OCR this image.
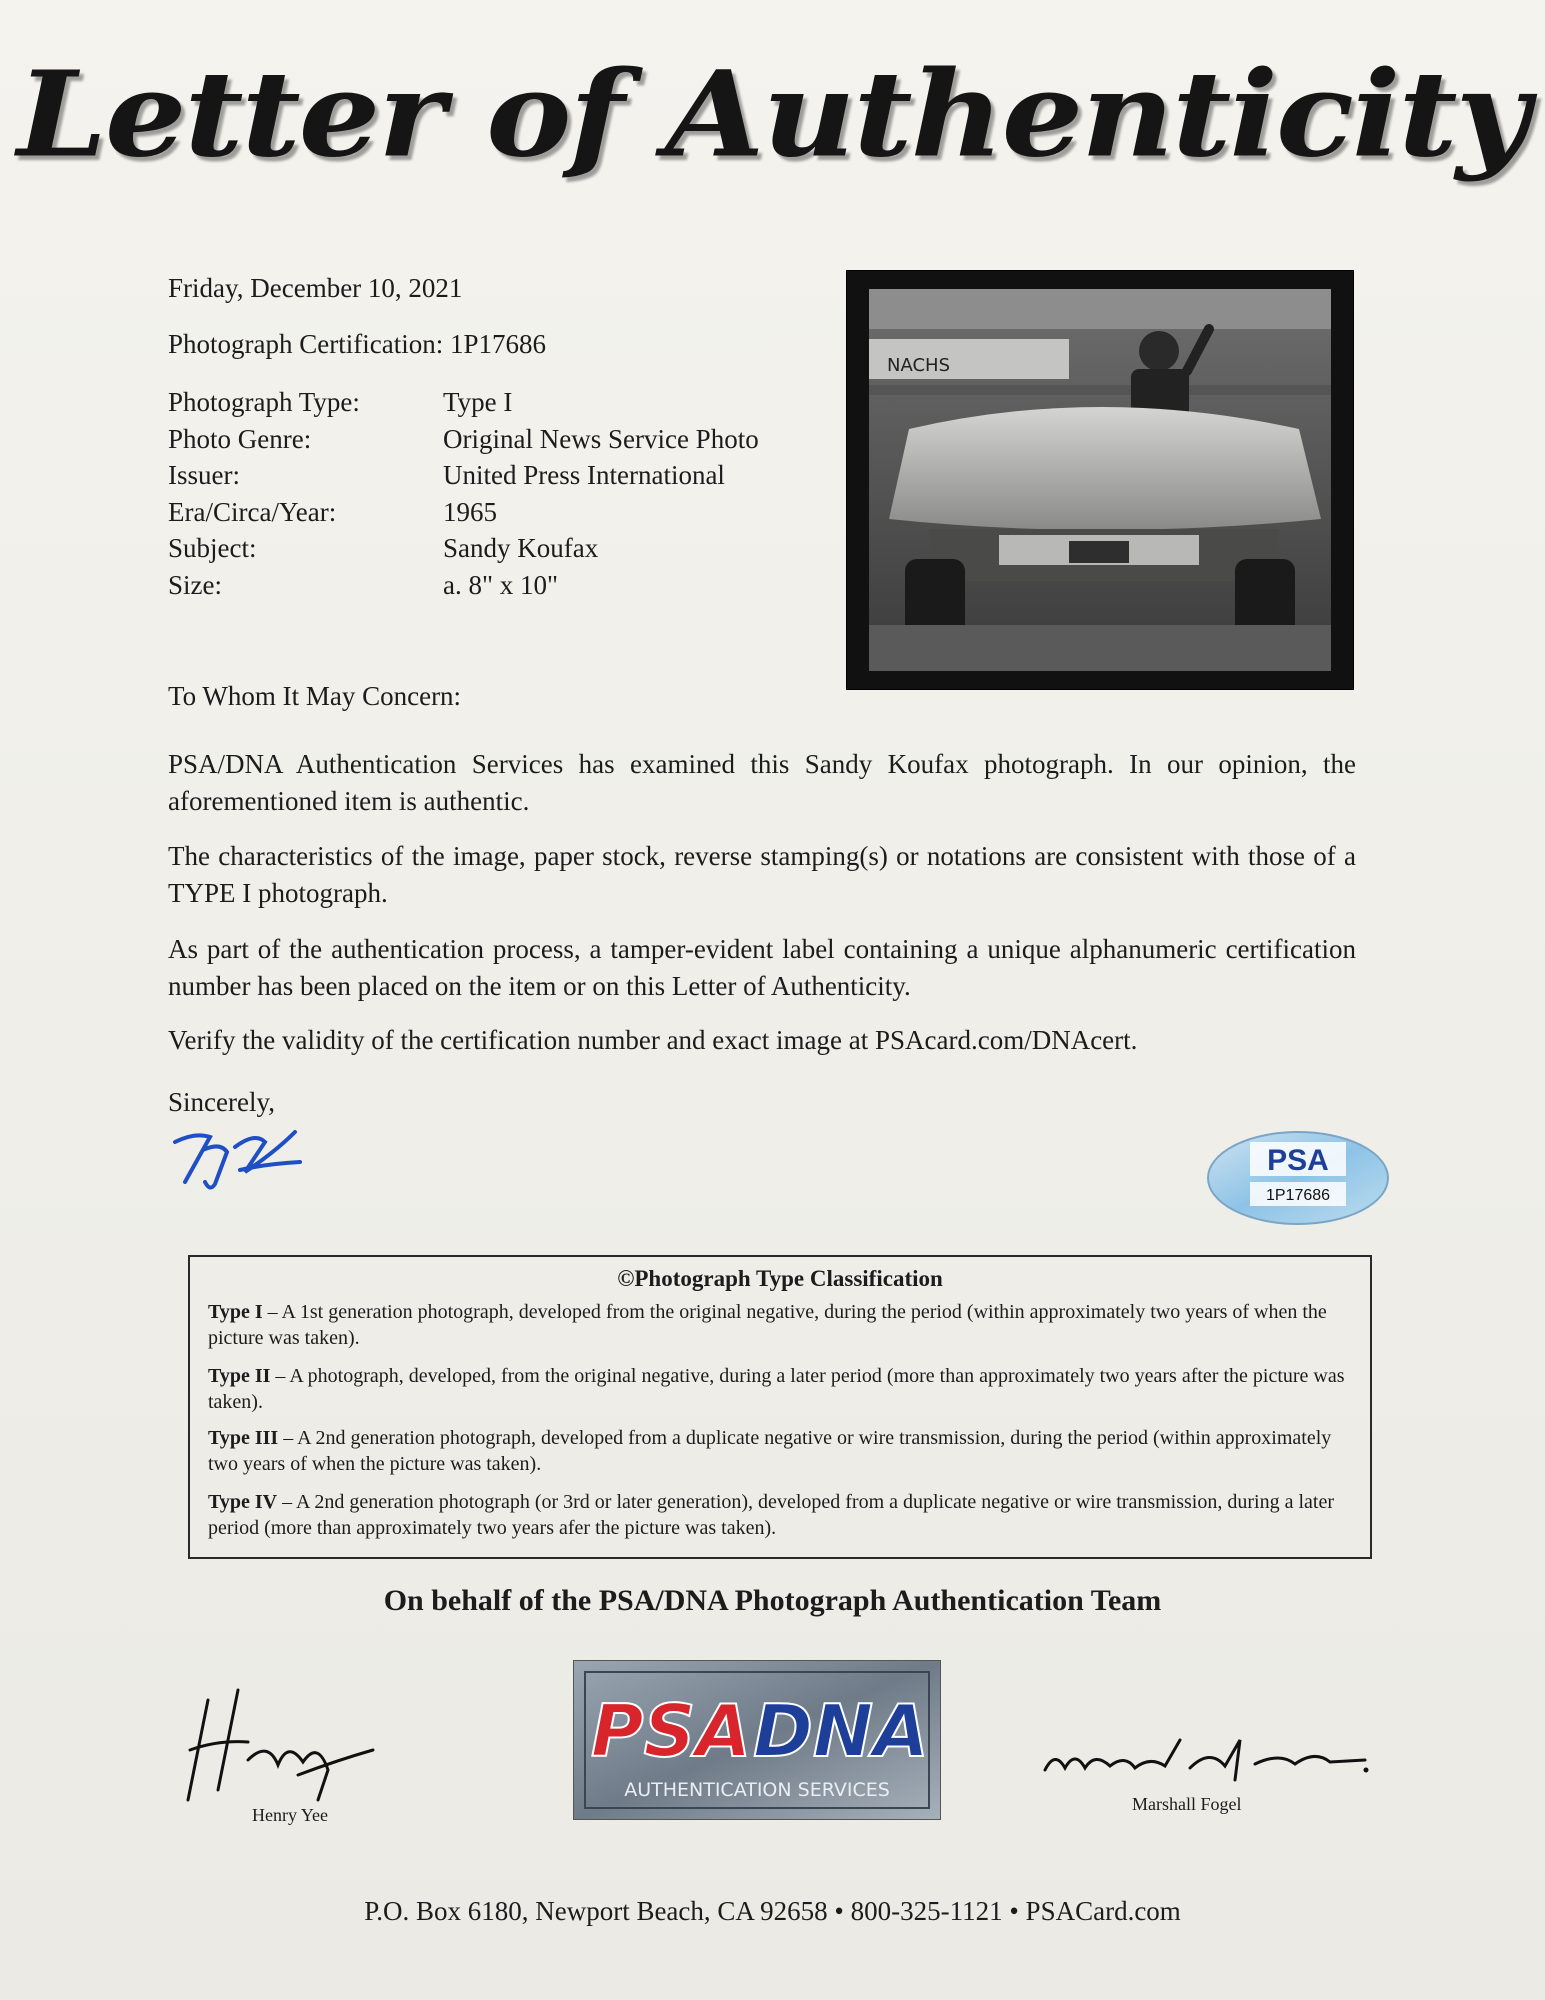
Letter of Authenticity
Friday, December 10, 2021
Photograph Certification: 1P17686
Photograph Type:	Type I
Photo Genre:	Original News Service Photo
Issuer:	United Press International
Era/Circa/Year:	1965
Subject:	Sandy Koufax
Size:	a. 8" x 10"
NACHS
To Whom It May Concern:
PSA/DNA Authentication Services has examined this Sandy Koufax photograph. In our opinion, the aforementioned item is authentic.
The characteristics of the image, paper stock, reverse stamping(s) or notations are consistent with those of a TYPE I photograph.
As part of the authentication process, a tamper-evident label containing a unique alphanumeric certification number has been placed on the item or on this Letter of Authenticity.
Verify the validity of the certification number and exact image at PSAcard.com/DNAcert.
Sincerely,
PSA
1P17686
©Photograph Type Classification
Type I – A 1st generation photograph, developed from the original negative, during the period (within approximately two years of when the picture was taken).
Type II – A photograph, developed, from the original negative, during a later period (more than approximately two years after the picture was taken).
Type III – A 2nd generation photograph, developed from a duplicate negative or wire transmission, during the period (within approximately two years of when the picture was taken).
Type IV – A 2nd generation photograph (or 3rd or later generation), developed from a duplicate negative or wire transmission, during a later period (more than approximately two years afer the picture was taken).
On behalf of the PSA/DNA Photograph Authentication Team
Henry Yee
PSA DNA
AUTHENTICATION SERVICES
Marshall Fogel
P.O. Box 6180, Newport Beach, CA 92658 • 800-325-1121 • PSACard.com
